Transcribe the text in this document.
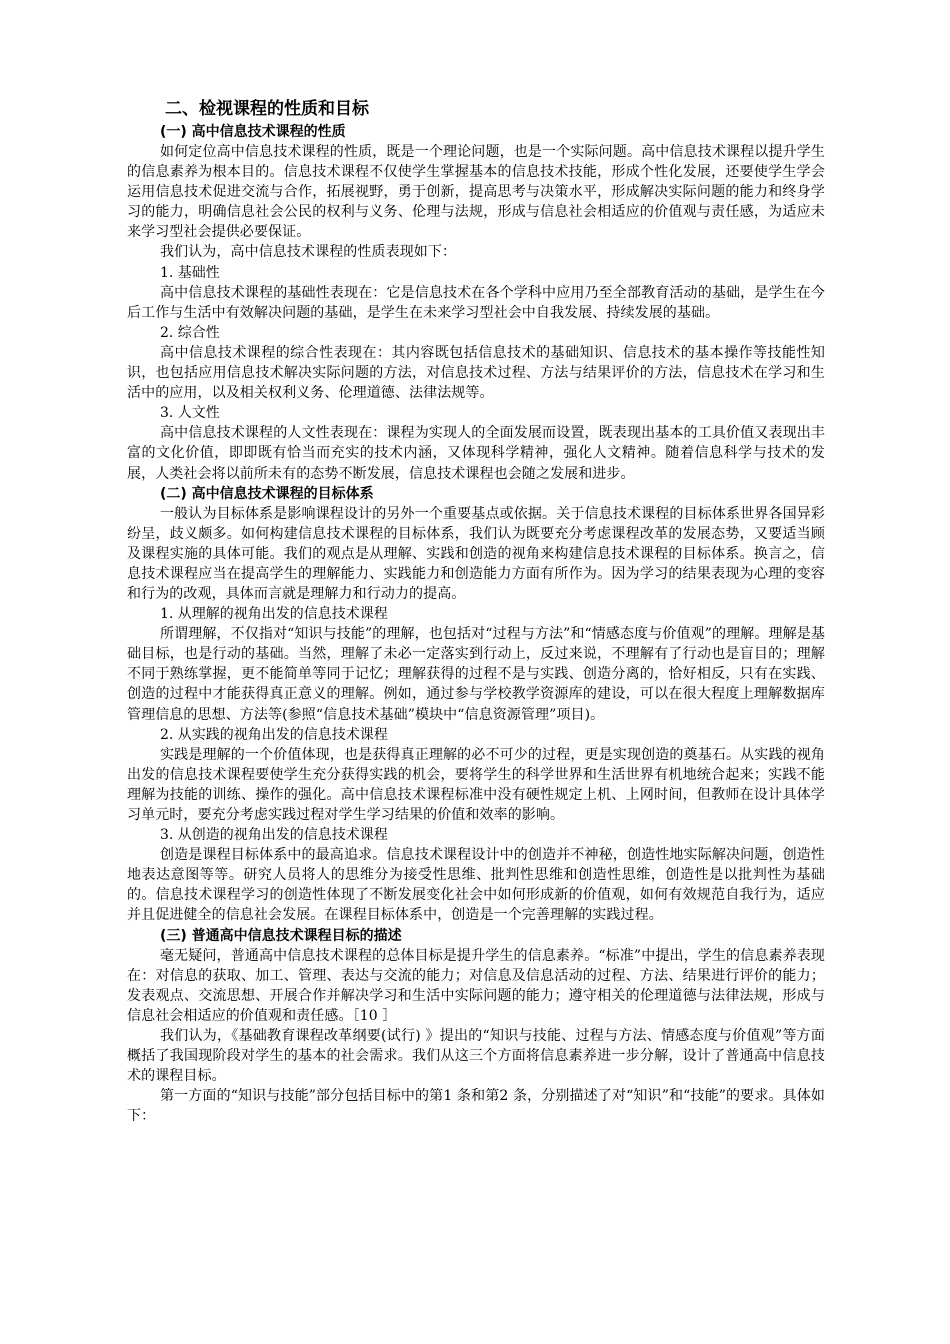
二、检视课程的性质和目标
(一) 高中信息技术课程的性质

如何定位高中信息技术课程的性质，既是一个理论问题，也是一个实际问题。高中信息技术课程以提升学生的信息素养为根本目的。信息技术课程不仅使学生掌握基本的信息技术技能，形成个性化发展，还要使学生学会运用信息技术促进交流与合作，拓展视野，勇于创新，提高思考与决策水平，形成解决实际问题的能力和终身学习的能力，明确信息社会公民的权利与义务、伦理与法规，形成与信息社会相适应的价值观与责任感，为适应未来学习型社会提供必要保证。

我们认为，高中信息技术课程的性质表现如下：

1. 基础性

高中信息技术课程的基础性表现在：它是信息技术在各个学科中应用乃至全部教育活动的基础，是学生在今后工作与生活中有效解决问题的基础，是学生在未来学习型社会中自我发展、持续发展的基础。

2. 综合性

高中信息技术课程的综合性表现在：其内容既包括信息技术的基础知识、信息技术的基本操作等技能性知识，也包括应用信息技术解决实际问题的方法，对信息技术过程、方法与结果评价的方法，信息技术在学习和生活中的应用，以及相关权利义务、伦理道德、法律法规等。

3. 人文性

高中信息技术课程的人文性表现在：课程为实现人的全面发展而设置，既表现出基本的工具价值又表现出丰富的文化价值，即即既有恰当而充实的技术内涵，又体现科学精神，强化人文精神。随着信息科学与技术的发展，人类社会将以前所未有的态势不断发展，信息技术课程也会随之发展和进步。

(二) 高中信息技术课程的目标体系

一般认为目标体系是影响课程设计的另外一个重要基点或依据。关于信息技术课程的目标体系世界各国异彩纷呈，歧义颇多。如何构建信息技术课程的目标体系，我们认为既要充分考虑课程改革的发展态势，又要适当顾及课程实施的具体可能。我们的观点是从理解、实践和创造的视角来构建信息技术课程的目标体系。换言之，信息技术课程应当在提高学生的理解能力、实践能力和创造能力方面有所作为。因为学习的结果表现为心理的变容和行为的改观，具体而言就是理解力和行动力的提高。

1. 从理解的视角出发的信息技术课程

所谓理解，不仅指对“知识与技能”的理解，也包括对“过程与方法”和“情感态度与价值观”的理解。理解是基础目标，也是行动的基础。当然，理解了未必一定落实到行动上，反过来说，不理解有了行动也是盲目的；理解不同于熟练掌握，更不能简单等同于记忆；理解获得的过程不是与实践、创造分离的，恰好相反，只有在实践、创造的过程中才能获得真正意义的理解。例如，通过参与学校教学资源库的建设，可以在很大程度上理解数据库管理信息的思想、方法等(参照“信息技术基础”模块中“信息资源管理”项目)。

2. 从实践的视角出发的信息技术课程

实践是理解的一个价值体现，也是获得真正理解的必不可少的过程，更是实现创造的奠基石。从实践的视角出发的信息技术课程要使学生充分获得实践的机会，要将学生的科学世界和生活世界有机地统合起来；实践不能理解为技能的训练、操作的强化。高中信息技术课程标准中没有硬性规定上机、上网时间，但教师在设计具体学习单元时，要充分考虑实践过程对学生学习结果的价值和效率的影响。

3. 从创造的视角出发的信息技术课程

创造是课程目标体系中的最高追求。信息技术课程设计中的创造并不神秘，创造性地实际解决问题，创造性地表达意图等等。研究人员将人的思维分为接受性思维、批判性思维和创造性思维，创造性是以批判性为基础的。信息技术课程学习的创造性体现了不断发展变化社会中如何形成新的价值观，如何有效规范自我行为，适应并且促进健全的信息社会发展。在课程目标体系中，创造是一个完善理解的实践过程。

(三) 普通高中信息技术课程目标的描述

毫无疑问，普通高中信息技术课程的总体目标是提升学生的信息素养。“标准”中提出，学生的信息素养表现在：对信息的获取、加工、管理、表达与交流的能力；对信息及信息活动的过程、方法、结果进行评价的能力；发表观点、交流思想、开展合作并解决学习和生活中实际问题的能力；遵守相关的伦理道德与法律法规，形成与信息社会相适应的价值观和责任感。［10 ］

我们认为，《基础教育课程改革纲要(试行) 》提出的“知识与技能、过程与方法、情感态度与价值观”等方面概括了我国现阶段对学生的基本的社会需求。我们从这三个方面将信息素养进一步分解，设计了普通高中信息技术的课程目标。

第一方面的“知识与技能”部分包括目标中的第1 条和第2 条，分别描述了对“知识”和“技能”的要求。具体如下：
